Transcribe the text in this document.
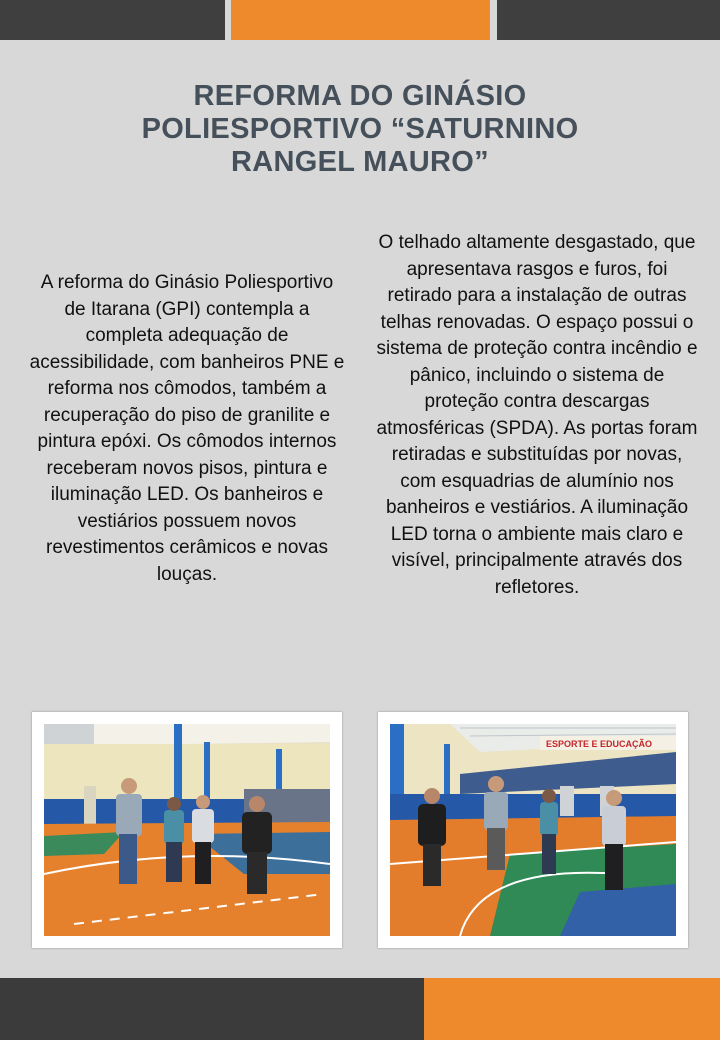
REFORMA DO GINÁSIO POLIESPORTIVO “SATURNINO RANGEL MAURO”

A reforma do Ginásio Poliesportivo de Itarana (GPI) contempla a completa adequação de acessibilidade, com banheiros PNE e reforma nos cômodos, também a recuperação do piso de granilite e pintura epóxi. Os cômodos internos receberam novos pisos, pintura e iluminação LED. Os banheiros e vestiários possuem novos revestimentos cerâmicos e novas louças.

O telhado altamente desgastado, que apresentava rasgos e furos, foi retirado para a instalação de outras telhas renovadas. O espaço possui o sistema de proteção contra incêndio e pânico, incluindo o sistema de proteção contra descargas atmosféricas (SPDA). As portas foram retiradas e substituídas por novas, com esquadrias de alumínio nos banheiros e vestiários. A iluminação LED torna o ambiente mais claro e visível, principalmente através dos refletores.

ESPORTE E EDUCAÇÃO
